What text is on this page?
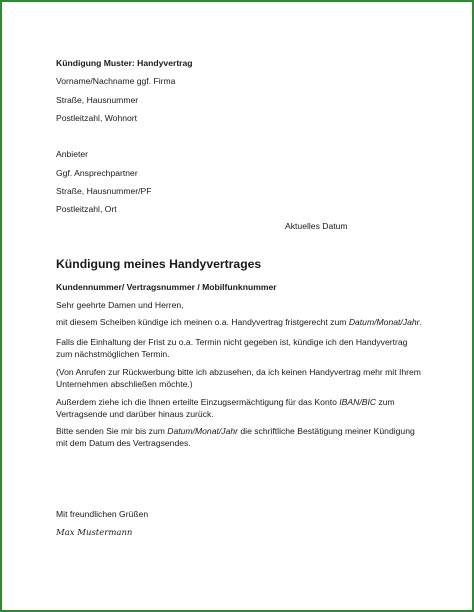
Kündigung Muster: Handyvertrag
Vorname/Nachname ggf. Firma
Straße, Hausnummer
Postleitzahl, Wohnort
Anbieter
Ggf. Ansprechpartner
Straße, Hausnummer/PF
Postleitzahl, Ort
Aktuelles Datum
Kündigung meines Handyvertrages
Kundennummer/ Vertragsnummer / Mobilfunknummer
Sehr geehrte Damen und Herren,
mit diesem Scheiben kündige ich meinen o.a. Handyvertrag fristgerecht zum Datum/Monat/Jahr.
Falls die Einhaltung der Frist zu o.a. Termin nicht gegeben ist, kündige ich den Handyvertrag zum nächstmöglichen Termin.
(Von Anrufen zur Rückwerbung bitte ich abzusehen, da ich keinen Handyvertrag mehr mit Ihrem Unternehmen abschließen möchte.)
Außerdem ziehe ich die Ihnen erteilte Einzugsermächtigung für das Konto IBAN/BIC zum Vertragsende und darüber hinaus zurück.
Bitte senden Sie mir bis zum Datum/Monat/Jahr die schriftliche Bestätigung meiner Kündigung mit dem Datum des Vertragsendes.
Mit freundlichen Grüßen
Max Mustermann
